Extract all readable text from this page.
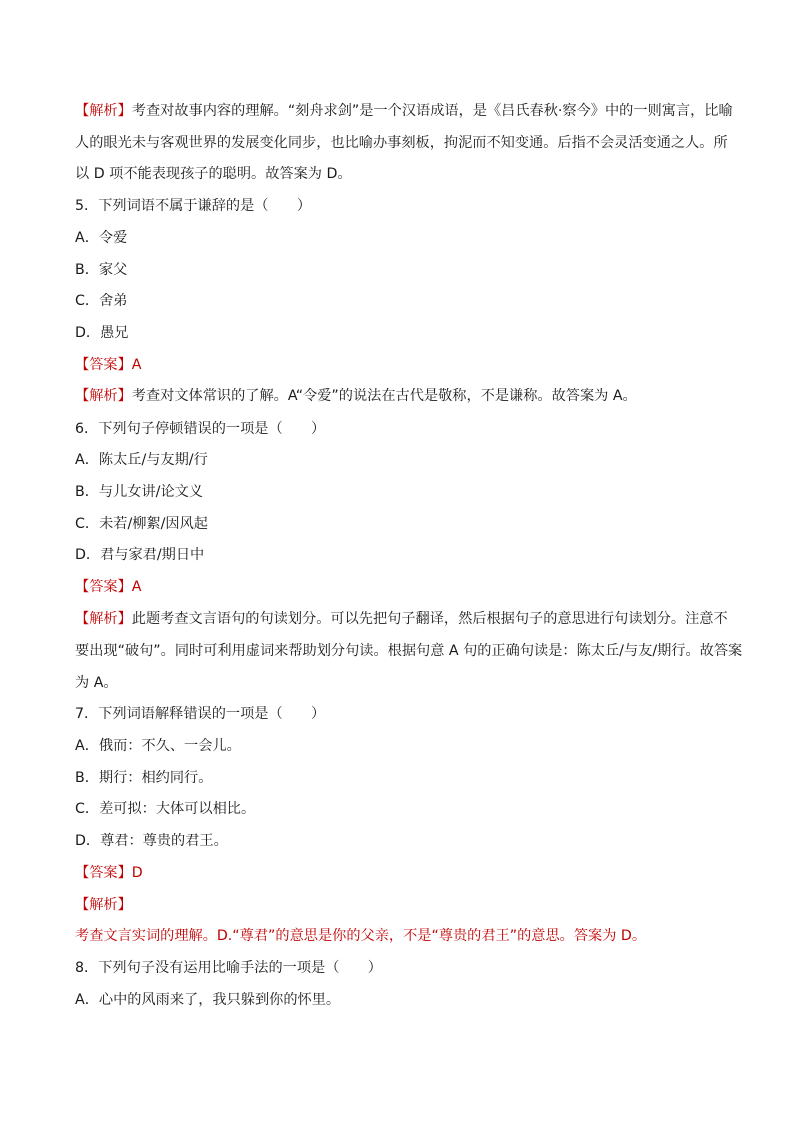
【解析】考查对故事内容的理解。“刻舟求剑”是一个汉语成语，是《吕氏春秋·察今》中的一则寓言，比喻
人的眼光未与客观世界的发展变化同步，也比喻办事刻板，拘泥而不知变通。后指不会灵活变通之人。所
以 D 项不能表现孩子的聪明。故答案为 D。
5．下列词语不属于谦辞的是（　　）
A．令爱
B．家父
C．舍弟
D．愚兄
【答案】A
【解析】考查对文体常识的了解。A“令爱”的说法在古代是敬称，不是谦称。故答案为 A。
6．下列句子停顿错误的一项是（　　）
A．陈太丘/与友期/行
B．与儿女讲/论文义
C．未若/柳絮/因风起
D．君与家君/期日中
【答案】A
【解析】此题考查文言语句的句读划分。可以先把句子翻译，然后根据句子的意思进行句读划分。注意不
要出现“破句”。同时可利用虚词来帮助划分句读。根据句意 A 句的正确句读是：陈太丘/与友/期行。故答案
为 A。
7．下列词语解释错误的一项是（　　）
A．俄而：不久、一会儿。
B．期行：相约同行。
C．差可拟：大体可以相比。
D．尊君：尊贵的君王。
【答案】D
【解析】
考查文言实词的理解。D.“尊君”的意思是你的父亲，不是“尊贵的君王”的意思。答案为 D。
8．下列句子没有运用比喻手法的一项是（　　）
A．心中的风雨来了，我只躲到你的怀里。
